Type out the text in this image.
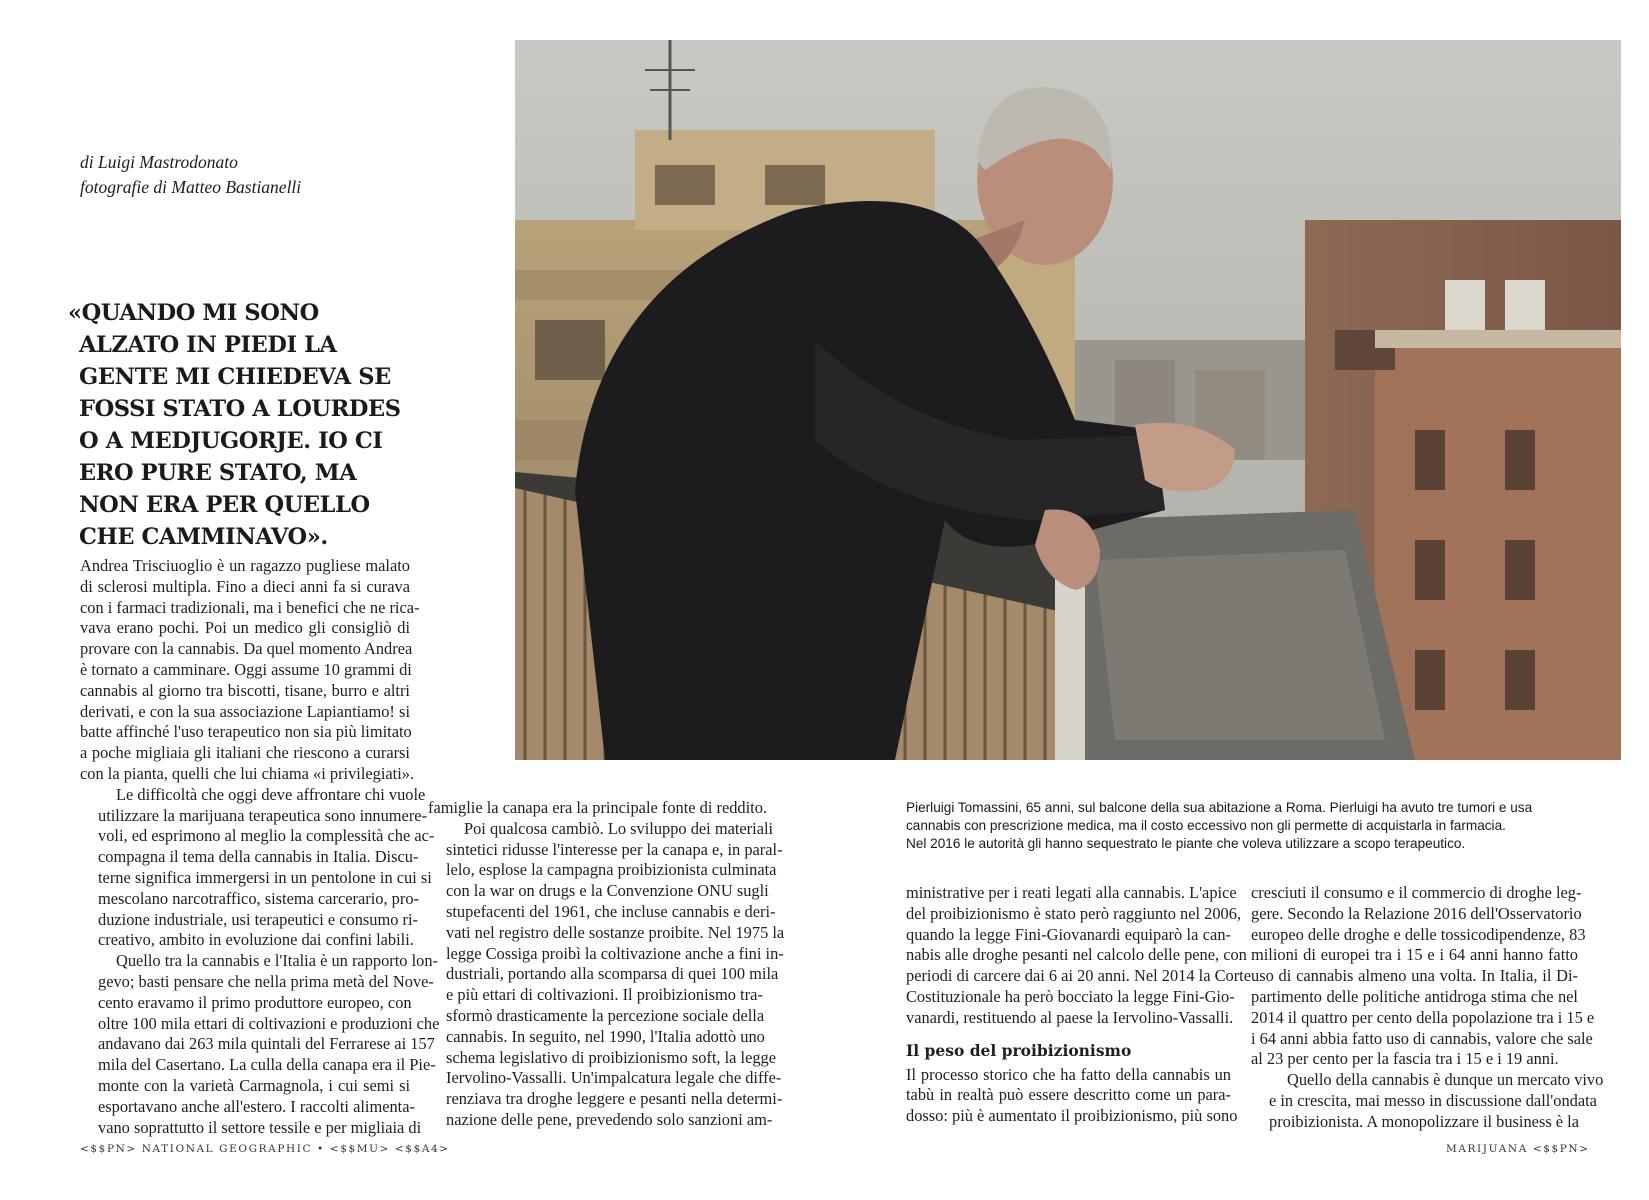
di Luigi Mastrodonato
fotografie di Matteo Bastianelli
«QUANDO MI SONO
ALZATO IN PIEDI LA
GENTE MI CHIEDEVA SE
FOSSI STATO A LOURDES
O A MEDJUGORJE. IO CI
ERO PURE STATO, MA
NON ERA PER QUELLO
CHE CAMMINAVO».

Andrea Trisciuoglio è un ragazzo pugliese malato
di sclerosi multipla. Fino a dieci anni fa si curava
con i farmaci tradizionali, ma i benefici che ne rica-
vava erano pochi. Poi un medico gli consigliò di
provare con la cannabis. Da quel momento Andrea
è tornato a camminare. Oggi assume 10 grammi di
cannabis al giorno tra biscotti, tisane, burro e altri
derivati, e con la sua associazione Lapiantiamo! si
batte affinché l'uso terapeutico non sia più limitato
a poche migliaia gli italiani che riescono a curarsi
con la pianta, quelli che lui chiama «i privilegiati».

Le difficoltà che oggi deve affrontare chi vuole
utilizzare la marijuana terapeutica sono innumere-
voli, ed esprimono al meglio la complessità che ac-
compagna il tema della cannabis in Italia. Discu-
terne significa immergersi in un pentolone in cui si
mescolano narcotraffico, sistema carcerario, pro-
duzione industriale, usi terapeutici e consumo ri-
creativo, ambito in evoluzione dai confini labili.

Quello tra la cannabis e l'Italia è un rapporto lon-
gevo; basti pensare che nella prima metà del Nove-
cento eravamo il primo produttore europeo, con
oltre 100 mila ettari di coltivazioni e produzioni che
andavano dai 263 mila quintali del Ferrarese ai 157
mila del Casertano. La culla della canapa era il Pie-
monte con la varietà Carmagnola, i cui semi si
esportavano anche all'estero. I raccolti alimenta-
vano soprattutto il settore tessile e per migliaia di

famiglie la canapa era la principale fonte di reddito.

Poi qualcosa cambiò. Lo sviluppo dei materiali
sintetici ridusse l'interesse per la canapa e, in paral-
lelo, esplose la campagna proibizionista culminata
con la war on drugs e la Convenzione ONU sugli
stupefacenti del 1961, che incluse cannabis e deri-
vati nel registro delle sostanze proibite. Nel 1975 la
legge Cossiga proibì la coltivazione anche a fini in-
dustriali, portando alla scomparsa di quei 100 mila
e più ettari di coltivazioni. Il proibizionismo tra-
sformò drasticamente la percezione sociale della
cannabis. In seguito, nel 1990, l'Italia adottò uno
schema legislativo di proibizionismo soft, la legge
Iervolino-Vassalli. Un'impalcatura legale che diffe-
renziava tra droghe leggere e pesanti nella determi-
nazione delle pene, prevedendo solo sanzioni am-

Pierluigi Tomassini, 65 anni, sul balcone della sua abitazione a Roma. Pierluigi ha avuto tre tumori e usa
cannabis con prescrizione medica, ma il costo eccessivo non gli permette di acquistarla in farmacia.
Nel 2016 le autorità gli hanno sequestrato le piante che voleva utilizzare a scopo terapeutico.

ministrative per i reati legati alla cannabis. L'apice
del proibizionismo è stato però raggiunto nel 2006,
quando la legge Fini-Giovanardi equiparò la can-
nabis alle droghe pesanti nel calcolo delle pene, con
periodi di carcere dai 6 ai 20 anni. Nel 2014 la Corte
Costituzionale ha però bocciato la legge Fini-Gio-
vanardi, restituendo al paese la Iervolino-Vassalli.

Il peso del proibizionismo

Il processo storico che ha fatto della cannabis un
tabù in realtà può essere descritto come un para-
dosso: più è aumentato il proibizionismo, più sono

cresciuti il consumo e il commercio di droghe leg-
gere. Secondo la Relazione 2016 dell'Osservatorio
europeo delle droghe e delle tossicodipendenze, 83
milioni di europei tra i 15 e i 64 anni hanno fatto
uso di cannabis almeno una volta. In Italia, il Di-
partimento delle politiche antidroga stima che nel
2014 il quattro per cento della popolazione tra i 15 e
i 64 anni abbia fatto uso di cannabis, valore che sale
al 23 per cento per la fascia tra i 15 e i 19 anni.

Quello della cannabis è dunque un mercato vivo
e in crescita, mai messo in discussione dall'ondata
proibizionista. A monopolizzare il business è la

<$$PN> NATIONAL GEOGRAPHIC • <$$MU> <$$A4>	MARIJUANA <$$PN>
